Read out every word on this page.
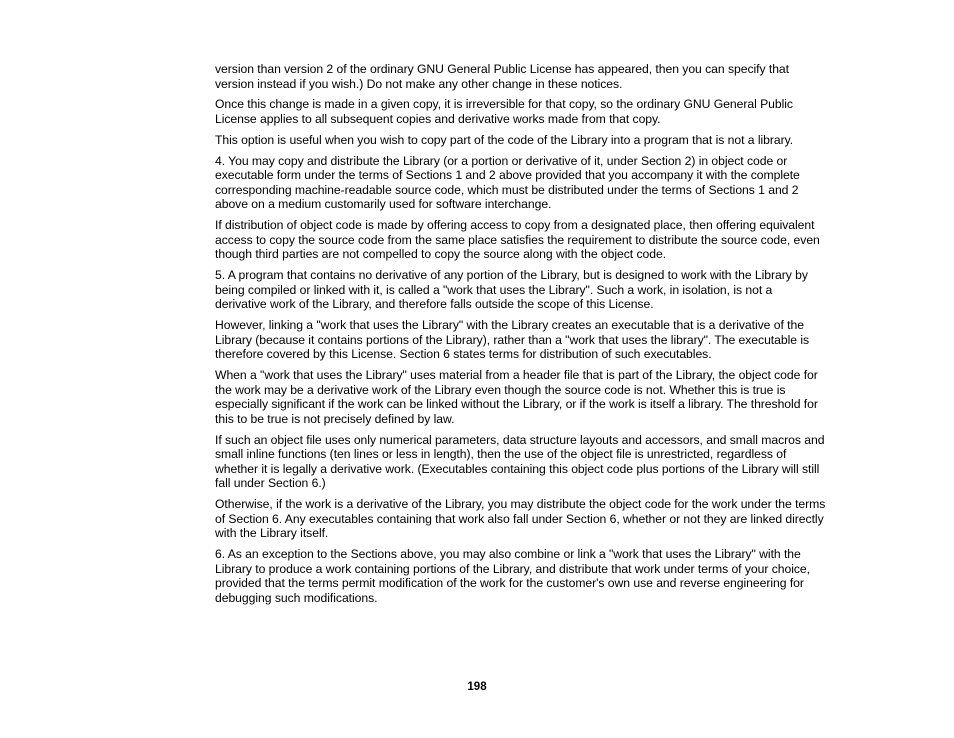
version than version 2 of the ordinary GNU General Public License has appeared, then you can specify that version instead if you wish.) Do not make any other change in these notices.

Once this change is made in a given copy, it is irreversible for that copy, so the ordinary GNU General Public License applies to all subsequent copies and derivative works made from that copy.

This option is useful when you wish to copy part of the code of the Library into a program that is not a library.

4. You may copy and distribute the Library (or a portion or derivative of it, under Section 2) in object code or executable form under the terms of Sections 1 and 2 above provided that you accompany it with the complete corresponding machine-readable source code, which must be distributed under the terms of Sections 1 and 2 above on a medium customarily used for software interchange.

If distribution of object code is made by offering access to copy from a designated place, then offering equivalent access to copy the source code from the same place satisfies the requirement to distribute the source code, even though third parties are not compelled to copy the source along with the object code.

5. A program that contains no derivative of any portion of the Library, but is designed to work with the Library by being compiled or linked with it, is called a "work that uses the Library". Such a work, in isolation, is not a derivative work of the Library, and therefore falls outside the scope of this License.

However, linking a "work that uses the Library" with the Library creates an executable that is a derivative of the Library (because it contains portions of the Library), rather than a "work that uses the library". The executable is therefore covered by this License. Section 6 states terms for distribution of such executables.

When a "work that uses the Library" uses material from a header file that is part of the Library, the object code for the work may be a derivative work of the Library even though the source code is not. Whether this is true is especially significant if the work can be linked without the Library, or if the work is itself a library. The threshold for this to be true is not precisely defined by law.

If such an object file uses only numerical parameters, data structure layouts and accessors, and small macros and small inline functions (ten lines or less in length), then the use of the object file is unrestricted, regardless of whether it is legally a derivative work. (Executables containing this object code plus portions of the Library will still fall under Section 6.)

Otherwise, if the work is a derivative of the Library, you may distribute the object code for the work under the terms of Section 6. Any executables containing that work also fall under Section 6, whether or not they are linked directly with the Library itself.

6. As an exception to the Sections above, you may also combine or link a "work that uses the Library" with the Library to produce a work containing portions of the Library, and distribute that work under terms of your choice, provided that the terms permit modification of the work for the customer's own use and reverse engineering for debugging such modifications.

198
